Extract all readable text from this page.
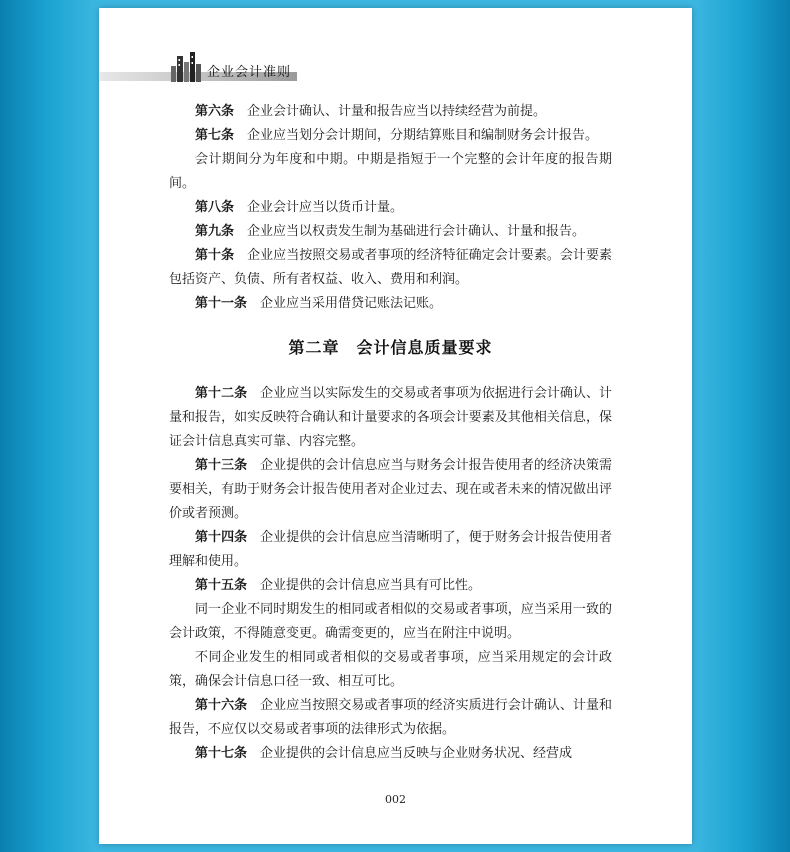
企业会计准则

第六条 企业会计确认、计量和报告应当以持续经营为前提。

第七条 企业应当划分会计期间，分期结算账目和编制财务会计报告。

会计期间分为年度和中期。中期是指短于一个完整的会计年度的报告期间。

第八条 企业会计应当以货币计量。

第九条 企业应当以权责发生制为基础进行会计确认、计量和报告。

第十条 企业应当按照交易或者事项的经济特征确定会计要素。会计要素包括资产、负债、所有者权益、收入、费用和利润。

第十一条 企业应当采用借贷记账法记账。

第二章　会计信息质量要求

第十二条 企业应当以实际发生的交易或者事项为依据进行会计确认、计量和报告，如实反映符合确认和计量要求的各项会计要素及其他相关信息，保证会计信息真实可靠、内容完整。

第十三条 企业提供的会计信息应当与财务会计报告使用者的经济决策需要相关，有助于财务会计报告使用者对企业过去、现在或者未来的情况做出评价或者预测。

第十四条 企业提供的会计信息应当清晰明了，便于财务会计报告使用者理解和使用。

第十五条 企业提供的会计信息应当具有可比性。

同一企业不同时期发生的相同或者相似的交易或者事项，应当采用一致的会计政策，不得随意变更。确需变更的，应当在附注中说明。

不同企业发生的相同或者相似的交易或者事项，应当采用规定的会计政策，确保会计信息口径一致、相互可比。

第十六条 企业应当按照交易或者事项的经济实质进行会计确认、计量和报告，不应仅以交易或者事项的法律形式为依据。

第十七条 企业提供的会计信息应当反映与企业财务状况、经营成

002
